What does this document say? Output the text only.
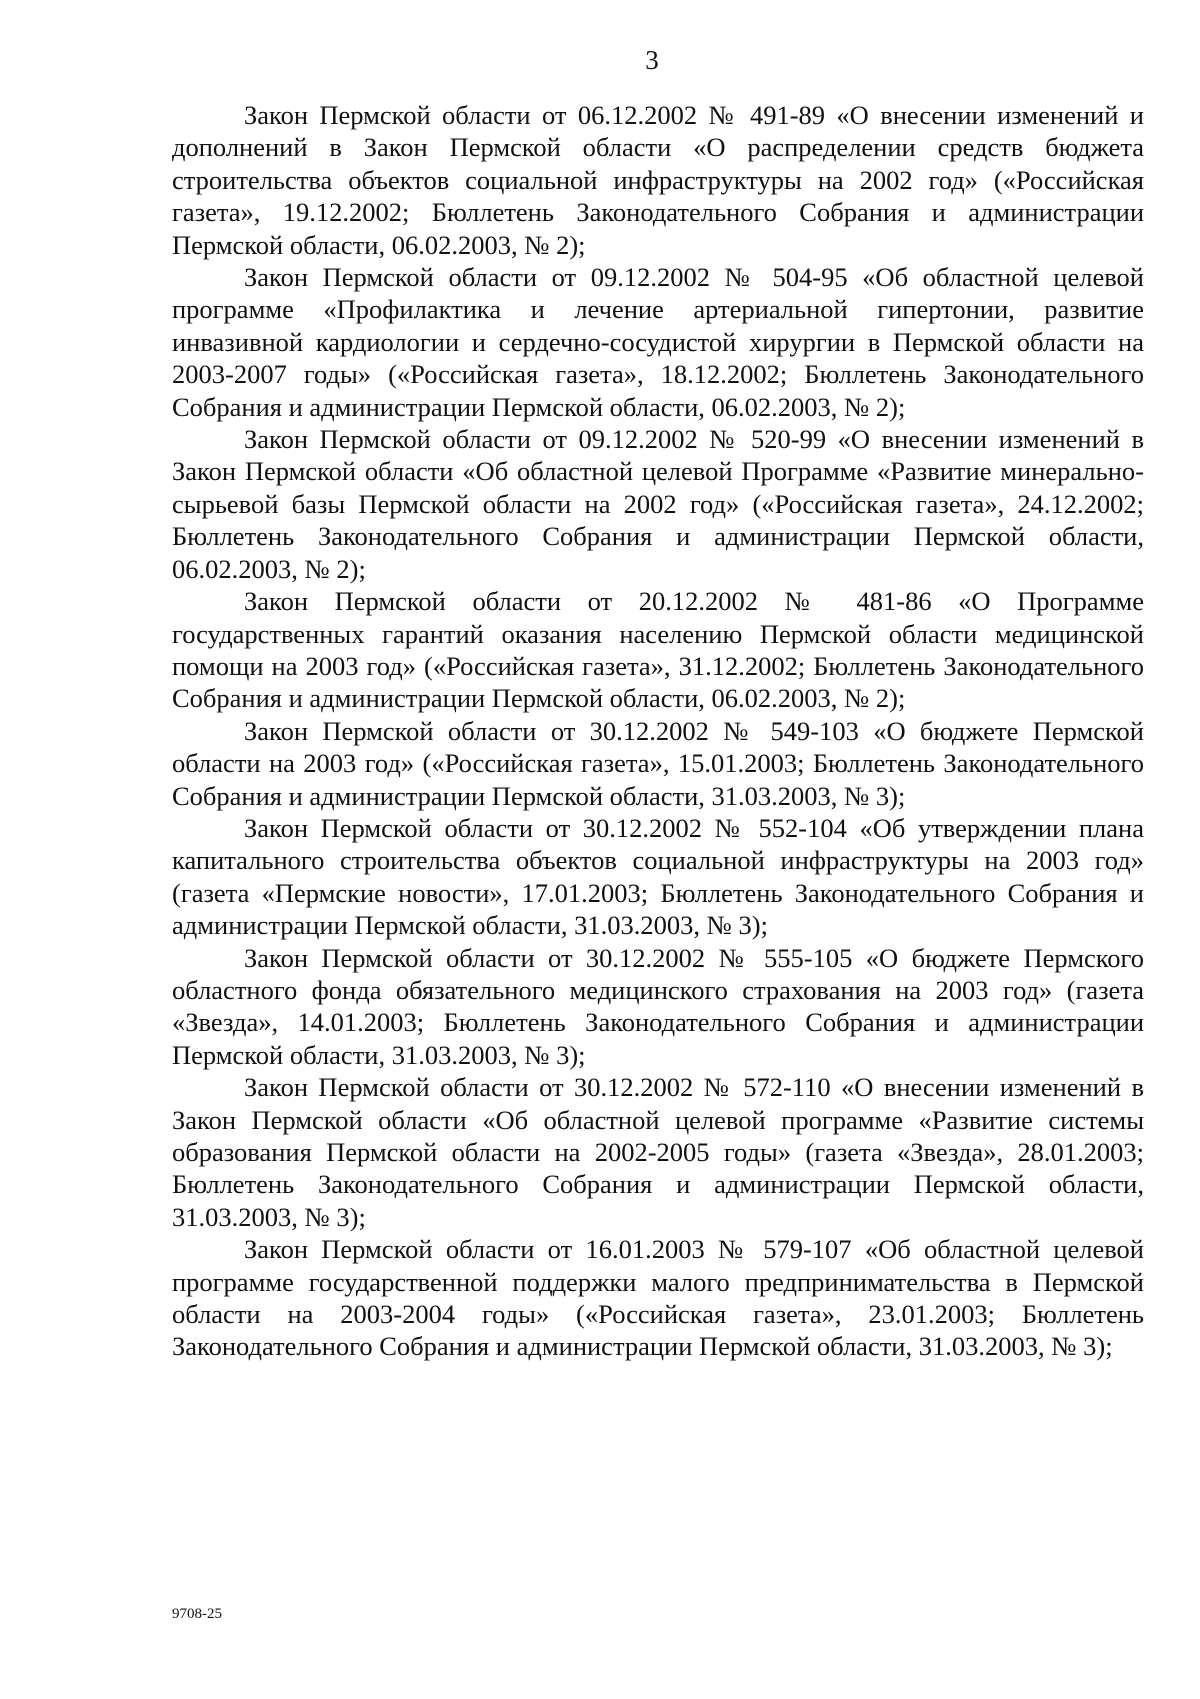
3

Закон Пермской области от 06.12.2002 № 491-89 «О внесении изменений и дополнений в Закон Пермской области «О распределении средств бюджета строительства объектов социальной инфраструктуры на 2002 год» («Российская газета», 19.12.2002; Бюллетень Законодательного Собрания и администрации Пермской области, 06.02.2003, № 2);

Закон Пермской области от 09.12.2002 № 504-95 «Об областной целевой программе «Профилактика и лечение артериальной гипертонии, развитие инвазивной кардиологии и сердечно-сосудистой хирургии в Пермской области на 2003-2007 годы» («Российская газета», 18.12.2002; Бюллетень Законодательного Собрания и администрации Пермской области, 06.02.2003, № 2);

Закон Пермской области от 09.12.2002 № 520-99 «О внесении изменений в Закон Пермской области «Об областной целевой Программе «Развитие минерально-сырьевой базы Пермской области на 2002 год» («Российская газета», 24.12.2002; Бюллетень Законодательного Собрания и администрации Пермской области, 06.02.2003, № 2);

Закон Пермской области от 20.12.2002 № 481-86 «О Программе государственных гарантий оказания населению Пермской области медицинской помощи на 2003 год» («Российская газета», 31.12.2002; Бюллетень Законодательного Собрания и администрации Пермской области, 06.02.2003, № 2);

Закон Пермской области от 30.12.2002 № 549-103 «О бюджете Пермской области на 2003 год» («Российская газета», 15.01.2003; Бюллетень Законодательного Собрания и администрации Пермской области, 31.03.2003, № 3);

Закон Пермской области от 30.12.2002 № 552-104 «Об утверждении плана капитального строительства объектов социальной инфраструктуры на 2003 год» (газета «Пермские новости», 17.01.2003; Бюллетень Законодательного Собрания и администрации Пермской области, 31.03.2003, № 3);

Закон Пермской области от 30.12.2002 № 555-105 «О бюджете Пермского областного фонда обязательного медицинского страхования на 2003 год» (газета «Звезда», 14.01.2003; Бюллетень Законодательного Собрания и администрации Пермской области, 31.03.2003, № 3);

Закон Пермской области от 30.12.2002 № 572-110 «О внесении изменений в Закон Пермской области «Об областной целевой программе «Развитие системы образования Пермской области на 2002-2005 годы» (газета «Звезда», 28.01.2003; Бюллетень Законодательного Собрания и администрации Пермской области, 31.03.2003, № 3);

Закон Пермской области от 16.01.2003 № 579-107 «Об областной целевой программе государственной поддержки малого предпринимательства в Пермской области на 2003-2004 годы» («Российская газета», 23.01.2003; Бюллетень Законодательного Собрания и администрации Пермской области, 31.03.2003, № 3);

9708-25
